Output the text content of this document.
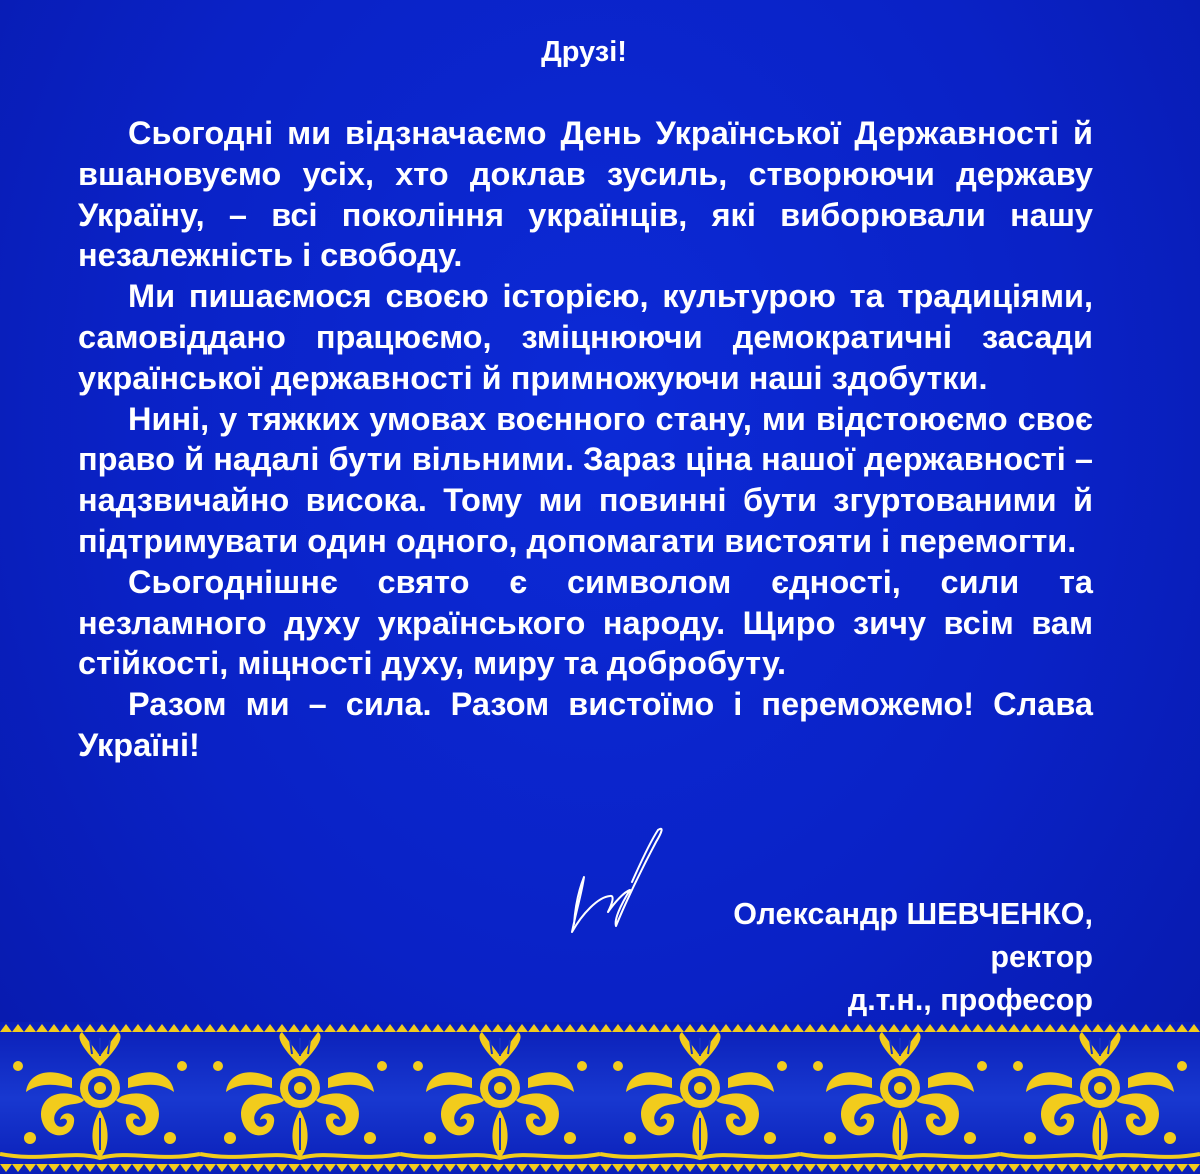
Друзі!

Сьогодні ми відзначаємо День Української Державності й вшановуємо усіх, хто доклав зусиль, створюючи державу Україну, – всі покоління українців, які виборювали нашу незалежність і свободу.

Ми пишаємося своєю історією, культурою та традиціями, самовіддано працюємо, зміцнюючи демократичні засади української державності й примножуючи наші здобутки.

Нині, у тяжких умовах воєнного стану, ми відстоюємо своє право й надалі бути вільними. Зараз ціна нашої державності – надзвичайно висока. Тому ми повинні бути згуртованими й підтримувати один одного, допомагати вистояти і перемогти.

Сьогоднішнє свято є символом єдності, сили та незламного духу українського народу. Щиро зичу всім вам стійкості, міцності духу, миру та добробуту.

Разом ми – сила. Разом вистоїмо і переможемо! Слава Україні!

Олександр ШЕВЧЕНКО,
ректор
д.т.н., професор
